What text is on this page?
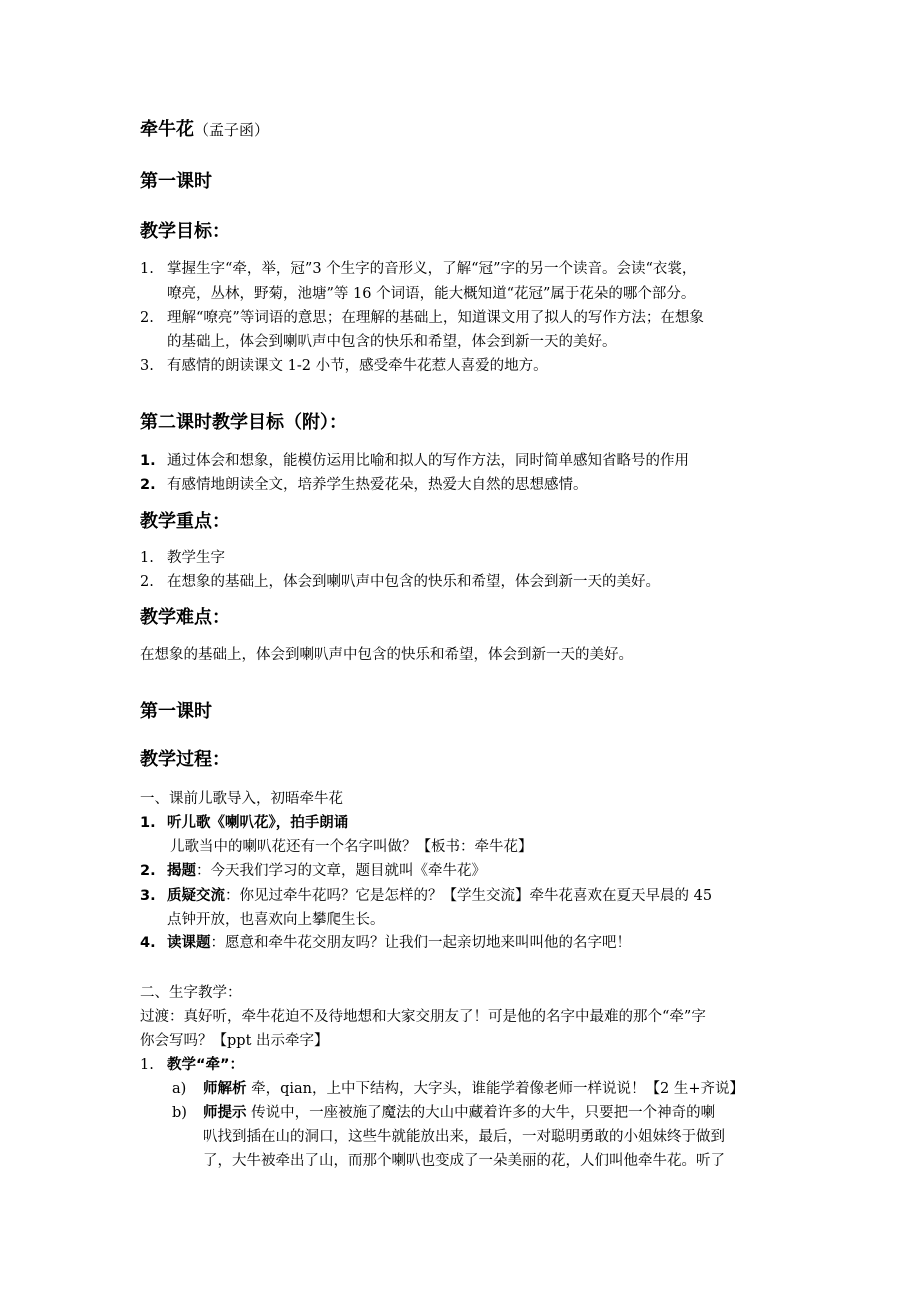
牵牛花（孟子函）
第一课时
教学目标：
1. 掌握生字“牵，举，冠”3 个生字的音形义，了解“冠”字的另一个读音。会读“衣裳，
嘹亮，丛林，野菊，池塘”等 16 个词语，能大概知道“花冠”属于花朵的哪个部分。
2. 理解“嘹亮”等词语的意思；在理解的基础上，知道课文用了拟人的写作方法；在想象
的基础上，体会到喇叭声中包含的快乐和希望，体会到新一天的美好。
3. 有感情的朗读课文 1-2 小节，感受牵牛花惹人喜爱的地方。
第二课时教学目标（附）：
1. 通过体会和想象，能模仿运用比喻和拟人的写作方法，同时简单感知省略号的作用
2. 有感情地朗读全文，培养学生热爱花朵，热爱大自然的思想感情。
教学重点：
1. 教学生字
2. 在想象的基础上，体会到喇叭声中包含的快乐和希望，体会到新一天的美好。
教学难点：
在想象的基础上，体会到喇叭声中包含的快乐和希望，体会到新一天的美好。
第一课时
教学过程：
一、课前儿歌导入，初晤牵牛花
1. 听儿歌《喇叭花》，拍手朗诵
儿歌当中的喇叭花还有一个名字叫做？【板书：牵牛花】
2. 揭题：今天我们学习的文章，题目就叫《牵牛花》
3. 质疑交流：你见过牵牛花吗？它是怎样的？【学生交流】牵牛花喜欢在夏天早晨的 45
点钟开放，也喜欢向上攀爬生长。
4. 读课题：愿意和牵牛花交朋友吗？让我们一起亲切地来叫叫他的名字吧！
二、生字教学：
过渡：真好听，牵牛花迫不及待地想和大家交朋友了！可是他的名字中最难的那个“牵”字
你会写吗？【ppt 出示牵字】
1. 教学“牵”：
a) 师解析 牵，qian，上中下结构，大字头，谁能学着像老师一样说说！【2 生+齐说】
b) 师提示 传说中，一座被施了魔法的大山中藏着许多的大牛，只要把一个神奇的喇
叭找到插在山的洞口，这些牛就能放出来，最后，一对聪明勇敢的小姐妹终于做到
了，大牛被牵出了山，而那个喇叭也变成了一朵美丽的花，人们叫他牵牛花。听了
